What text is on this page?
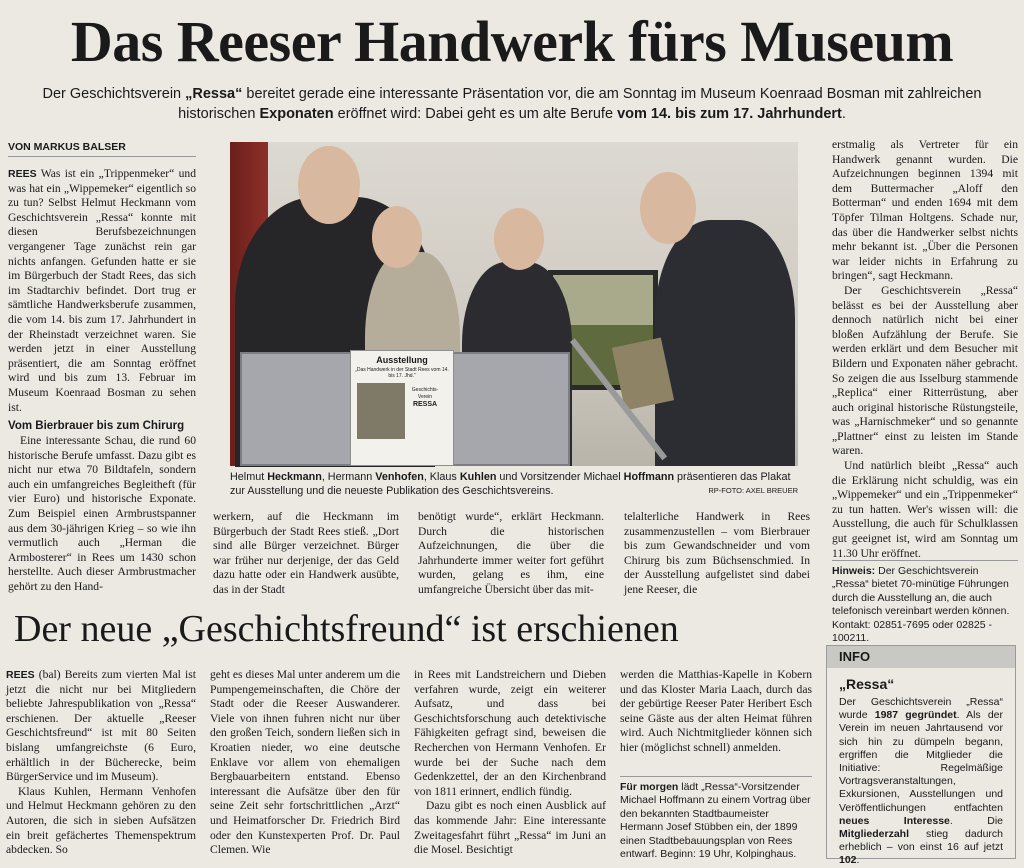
Das Reeser Handwerk fürs Museum
Der Geschichtsverein „Ressa“ bereitet gerade eine interessante Präsentation vor, die am Sonntag im Museum Koenraad Bosman mit zahlreichen historischen Exponaten eröffnet wird: Dabei geht es um alte Berufe vom 14. bis zum 17. Jahrhundert.
VON MARKUS BALSER

REES Was ist ein „Trippenmeker“ und was hat ein „Wippemeker“ eigentlich so zu tun? Selbst Helmut Heckmann vom Geschichtsverein „Ressa“ konnte mit diesen Berufsbezeichnungen vergangener Tage zunächst rein gar nichts anfangen. Gefunden hatte er sie im Bürgerbuch der Stadt Rees, das sich im Stadtarchiv befindet. Dort trug er sämtliche Handwerksberufe zusammen, die vom 14. bis zum 17. Jahrhundert in der Rheinstadt verzeichnet waren. Sie werden jetzt in einer Ausstellung präsentiert, die am Sonntag eröffnet wird und bis zum 13. Februar im Museum Koenraad Bosman zu sehen ist.

Vom Bierbrauer bis zum Chirurg

Eine interessante Schau, die rund 60 historische Berufe umfasst. Dazu gibt es nicht nur etwa 70 Bildtafeln, sondern auch ein umfangreiches Begleitheft (für vier Euro) und historische Exponate. Zum Beispiel einen Armbrustspanner aus dem 30-jährigen Krieg – so wie ihn vermutlich auch „Herman die Armbosterer“ in Rees um 1430 schon herstellte. Auch dieser Armbrustmacher gehört zu den Hand-

Ausstellung
„Das Handwerk in der Stadt Rees vom 14. bis 17. Jhd.“
Geschichts-Verein
RESSA
Helmut Heckmann, Hermann Venhofen, Klaus Kuhlen und Vorsitzender Michael Hoffmann präsentieren das Plakat zur Ausstellung und die neueste Publikation des Geschichtsvereins.	RP-FOTO: AXEL BREUER
werkern, auf die Heckmann im Bürgerbuch der Stadt Rees stieß. „Dort sind alle Bürger verzeichnet. Bürger war früher nur derjenige, der das Geld dazu hatte oder ein Handwerk ausübte, das in der Stadt
benötigt wurde“, erklärt Heckmann. Durch die historischen Aufzeichnungen, die über die Jahrhunderte immer weiter fort geführt wurden, gelang es ihm, eine umfangreiche Übersicht über das mit-
telalterliche Handwerk in Rees zusammenzustellen – vom Bierbrauer bis zum Gewandschneider und vom Chirurg bis zum Büchsenschmied. In der Ausstellung aufgelistet sind dabei jene Reeser, die

erstmalig als Vertreter für ein Handwerk genannt wurden. Die Aufzeichnungen beginnen 1394 mit dem Buttermacher „Aloff den Botterman“ und enden 1694 mit dem Töpfer Tilman Holtgens. Schade nur, das über die Handwerker selbst nichts mehr bekannt ist. „Über die Personen war leider nichts in Erfahrung zu bringen“, sagt Heckmann.

Der Geschichtsverein „Ressa“ belässt es bei der Ausstellung aber dennoch natürlich nicht bei einer bloßen Aufzählung der Berufe. Sie werden erklärt und dem Besucher mit Bildern und Exponaten näher gebracht. So zeigen die aus Isselburg stammende „Replica“ einer Ritterrüstung, aber auch original historische Rüstungsteile, was „Harnischmeker“ und so genannte „Plattner“ einst zu leisten im Stande waren.

Und natürlich bleibt „Ressa“ auch die Erklärung nicht schuldig, was ein „Wippemeker“ und ein „Trippenmeker“ zu tun hatten. Wer's wissen will: die Ausstellung, die auch für Schulklassen gut geeignet ist, wird am Sonntag um 11.30 Uhr eröffnet.

Hinweis: Der Geschichtsverein „Ressa“ bietet 70-minütige Führungen durch die Ausstellung an, die auch telefonisch vereinbart werden können. Kontakt: 02851-7695 oder 02825 - 100211.
Der neue „Geschichtsfreund“ ist erschienen

REES (bal) Bereits zum vierten Mal ist jetzt die nicht nur bei Mitgliedern beliebte Jahrespublikation von „Ressa“ erschienen. Der aktuelle „Reeser Geschichtsfreund“ ist mit 80 Seiten bislang umfangreichste (6 Euro, erhältlich in der Bücherecke, beim BürgerService und im Museum).

Klaus Kuhlen, Hermann Venhofen und Helmut Heckmann gehören zu den Autoren, die sich in sieben Aufsätzen ein breit gefächertes Themenspektrum abdecken. So

geht es dieses Mal unter anderem um die Pumpengemeinschaften, die Chöre der Stadt oder die Reeser Auswanderer. Viele von ihnen fuhren nicht nur über den großen Teich, sondern ließen sich in Kroatien nieder, wo eine deutsche Enklave vor allem von ehemaligen Bergbauarbeitern entstand. Ebenso interessant die Aufsätze über den für seine Zeit sehr fortschrittlichen „Arzt“ und Heimatforscher Dr. Friedrich Bird oder den Kunstexperten Prof. Dr. Paul Clemen. Wie

in Rees mit Landstreichern und Dieben verfahren wurde, zeigt ein weiterer Aufsatz, und dass bei Geschichtsforschung auch detektivische Fähigkeiten gefragt sind, beweisen die Recherchen von Hermann Venhofen. Er wurde bei der Suche nach dem Gedenkzettel, der an den Kirchenbrand von 1811 erinnert, endlich fündig.

Dazu gibt es noch einen Ausblick auf das kommende Jahr: Eine interessante Zweitagesfahrt führt „Ressa“ im Juni an die Mosel. Besichtigt

werden die Matthias-Kapelle in Kobern und das Kloster Maria Laach, durch das der gebürtige Reeser Pater Heribert Esch seine Gäste aus der alten Heimat führen wird. Auch Nichtmitglieder können sich hier (möglichst schnell) anmelden.

Für morgen lädt „Ressa“-Vorsitzender Michael Hoffmann zu einem Vortrag über den bekannten Stadtbaumeister Hermann Josef Stübben ein, der 1899 einen Stadtbebauungsplan von Rees entwarf. Beginn: 19 Uhr, Kolpinghaus.
INFO
„Ressa“
Der Geschichtsverein „Ressa“ wurde 1987 gegründet. Als der Verein im neuen Jahrtausend vor sich hin zu dümpeln begann, ergriffen die Mitglieder die Initiative: Regelmäßige Vortragsveranstaltungen, Exkursionen, Ausstellungen und Veröffentlichungen entfachten neues Interesse. Die Mitgliederzahl stieg dadurch erheblich – von einst 16 auf jetzt 102.
